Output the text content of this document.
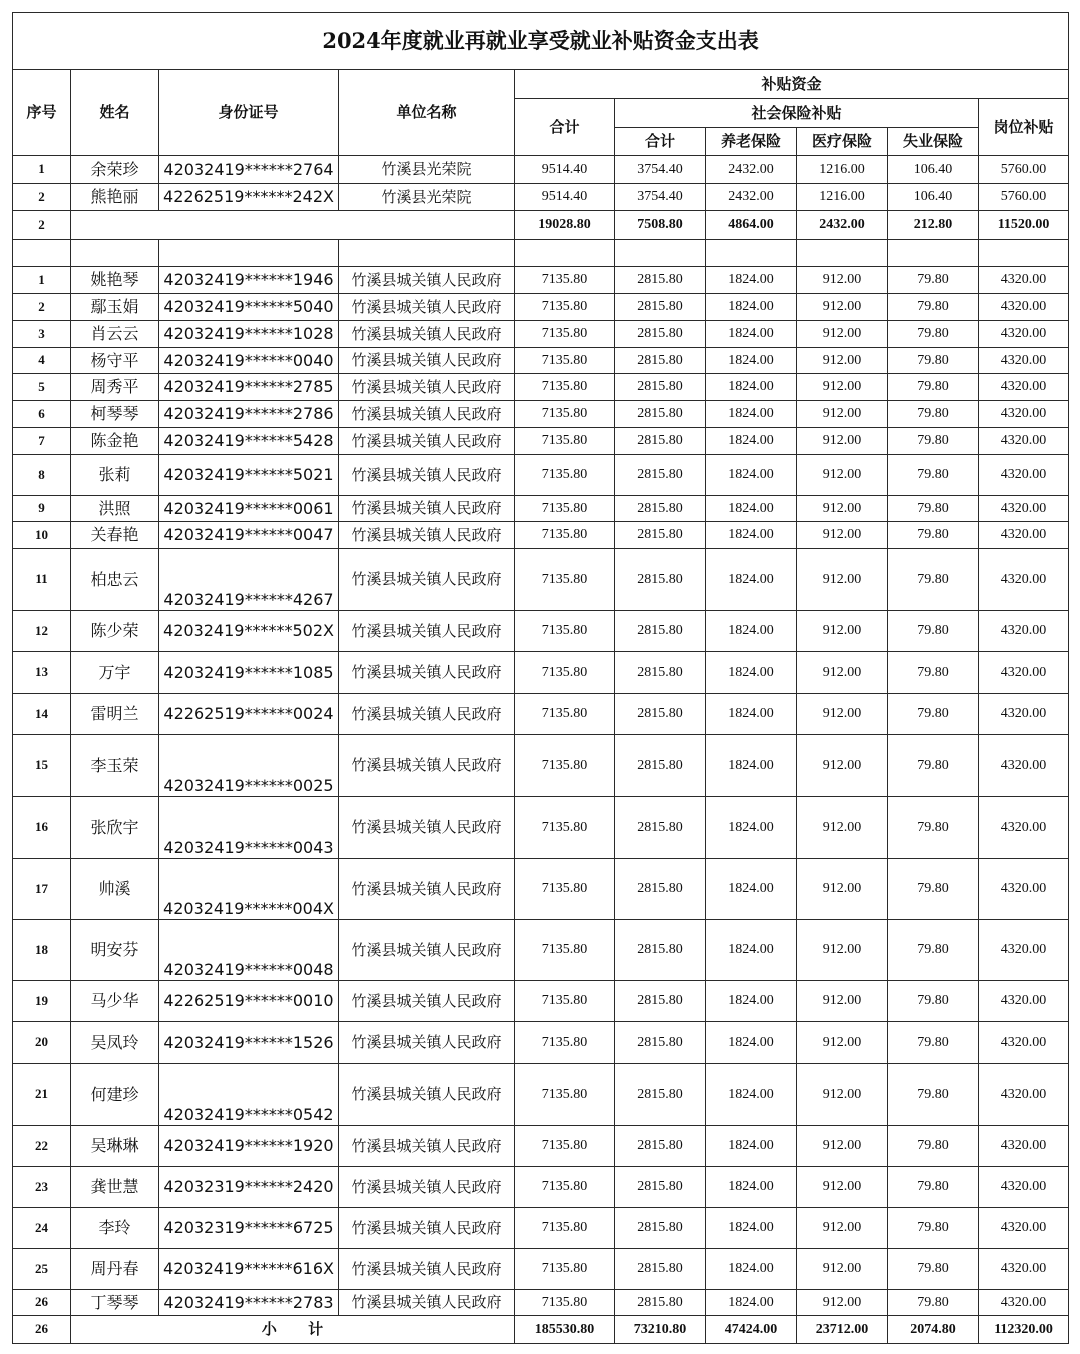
2024年度就业再就业享受就业补贴资金支出表									
序号	姓名	身份证号	单位名称	补贴资金					
				合计	社会保险补贴				岗位补贴
					合计	养老保险	医疗保险	失业保险	
1	余荣珍	42032419******2764	竹溪县光荣院	9514.40	3754.40	2432.00	1216.00	106.40	5760.00
2	熊艳丽	42262519******242X	竹溪县光荣院	9514.40	3754.40	2432.00	1216.00	106.40	5760.00
2				19028.80	7508.80	4864.00	2432.00	212.80	11520.00

1	姚艳琴	42032419******1946	竹溪县城关镇人民政府	7135.80	2815.80	1824.00	912.00	79.80	4320.00
2	鄢玉娟	42032419******5040	竹溪县城关镇人民政府	7135.80	2815.80	1824.00	912.00	79.80	4320.00
3	肖云云	42032419******1028	竹溪县城关镇人民政府	7135.80	2815.80	1824.00	912.00	79.80	4320.00
4	杨守平	42032419******0040	竹溪县城关镇人民政府	7135.80	2815.80	1824.00	912.00	79.80	4320.00
5	周秀平	42032419******2785	竹溪县城关镇人民政府	7135.80	2815.80	1824.00	912.00	79.80	4320.00
6	柯琴琴	42032419******2786	竹溪县城关镇人民政府	7135.80	2815.80	1824.00	912.00	79.80	4320.00
7	陈金艳	42032419******5428	竹溪县城关镇人民政府	7135.80	2815.80	1824.00	912.00	79.80	4320.00
8	张莉	42032419******5021	竹溪县城关镇人民政府	7135.80	2815.80	1824.00	912.00	79.80	4320.00
9	洪照	42032419******0061	竹溪县城关镇人民政府	7135.80	2815.80	1824.00	912.00	79.80	4320.00
10	关春艳	42032419******0047	竹溪县城关镇人民政府	7135.80	2815.80	1824.00	912.00	79.80	4320.00
11	柏忠云	42032419******4267	竹溪县城关镇人民政府	7135.80	2815.80	1824.00	912.00	79.80	4320.00
12	陈少荣	42032419******502X	竹溪县城关镇人民政府	7135.80	2815.80	1824.00	912.00	79.80	4320.00
13	万宇	42032419******1085	竹溪县城关镇人民政府	7135.80	2815.80	1824.00	912.00	79.80	4320.00
14	雷明兰	42262519******0024	竹溪县城关镇人民政府	7135.80	2815.80	1824.00	912.00	79.80	4320.00
15	李玉荣	42032419******0025	竹溪县城关镇人民政府	7135.80	2815.80	1824.00	912.00	79.80	4320.00
16	张欣宇	42032419******0043	竹溪县城关镇人民政府	7135.80	2815.80	1824.00	912.00	79.80	4320.00
17	帅溪	42032419******004X	竹溪县城关镇人民政府	7135.80	2815.80	1824.00	912.00	79.80	4320.00
18	明安芬	42032419******0048	竹溪县城关镇人民政府	7135.80	2815.80	1824.00	912.00	79.80	4320.00
19	马少华	42262519******0010	竹溪县城关镇人民政府	7135.80	2815.80	1824.00	912.00	79.80	4320.00
20	吴凤玲	42032419******1526	竹溪县城关镇人民政府	7135.80	2815.80	1824.00	912.00	79.80	4320.00
21	何建珍	42032419******0542	竹溪县城关镇人民政府	7135.80	2815.80	1824.00	912.00	79.80	4320.00
22	吴琳琳	42032419******1920	竹溪县城关镇人民政府	7135.80	2815.80	1824.00	912.00	79.80	4320.00
23	龚世慧	42032319******2420	竹溪县城关镇人民政府	7135.80	2815.80	1824.00	912.00	79.80	4320.00
24	李玲	42032319******6725	竹溪县城关镇人民政府	7135.80	2815.80	1824.00	912.00	79.80	4320.00
25	周丹春	42032419******616X	竹溪县城关镇人民政府	7135.80	2815.80	1824.00	912.00	79.80	4320.00
26	丁琴琴	42032419******2783	竹溪县城关镇人民政府	7135.80	2815.80	1824.00	912.00	79.80	4320.00
26	小      计			185530.80	73210.80	47424.00	23712.00	2074.80	112320.00
